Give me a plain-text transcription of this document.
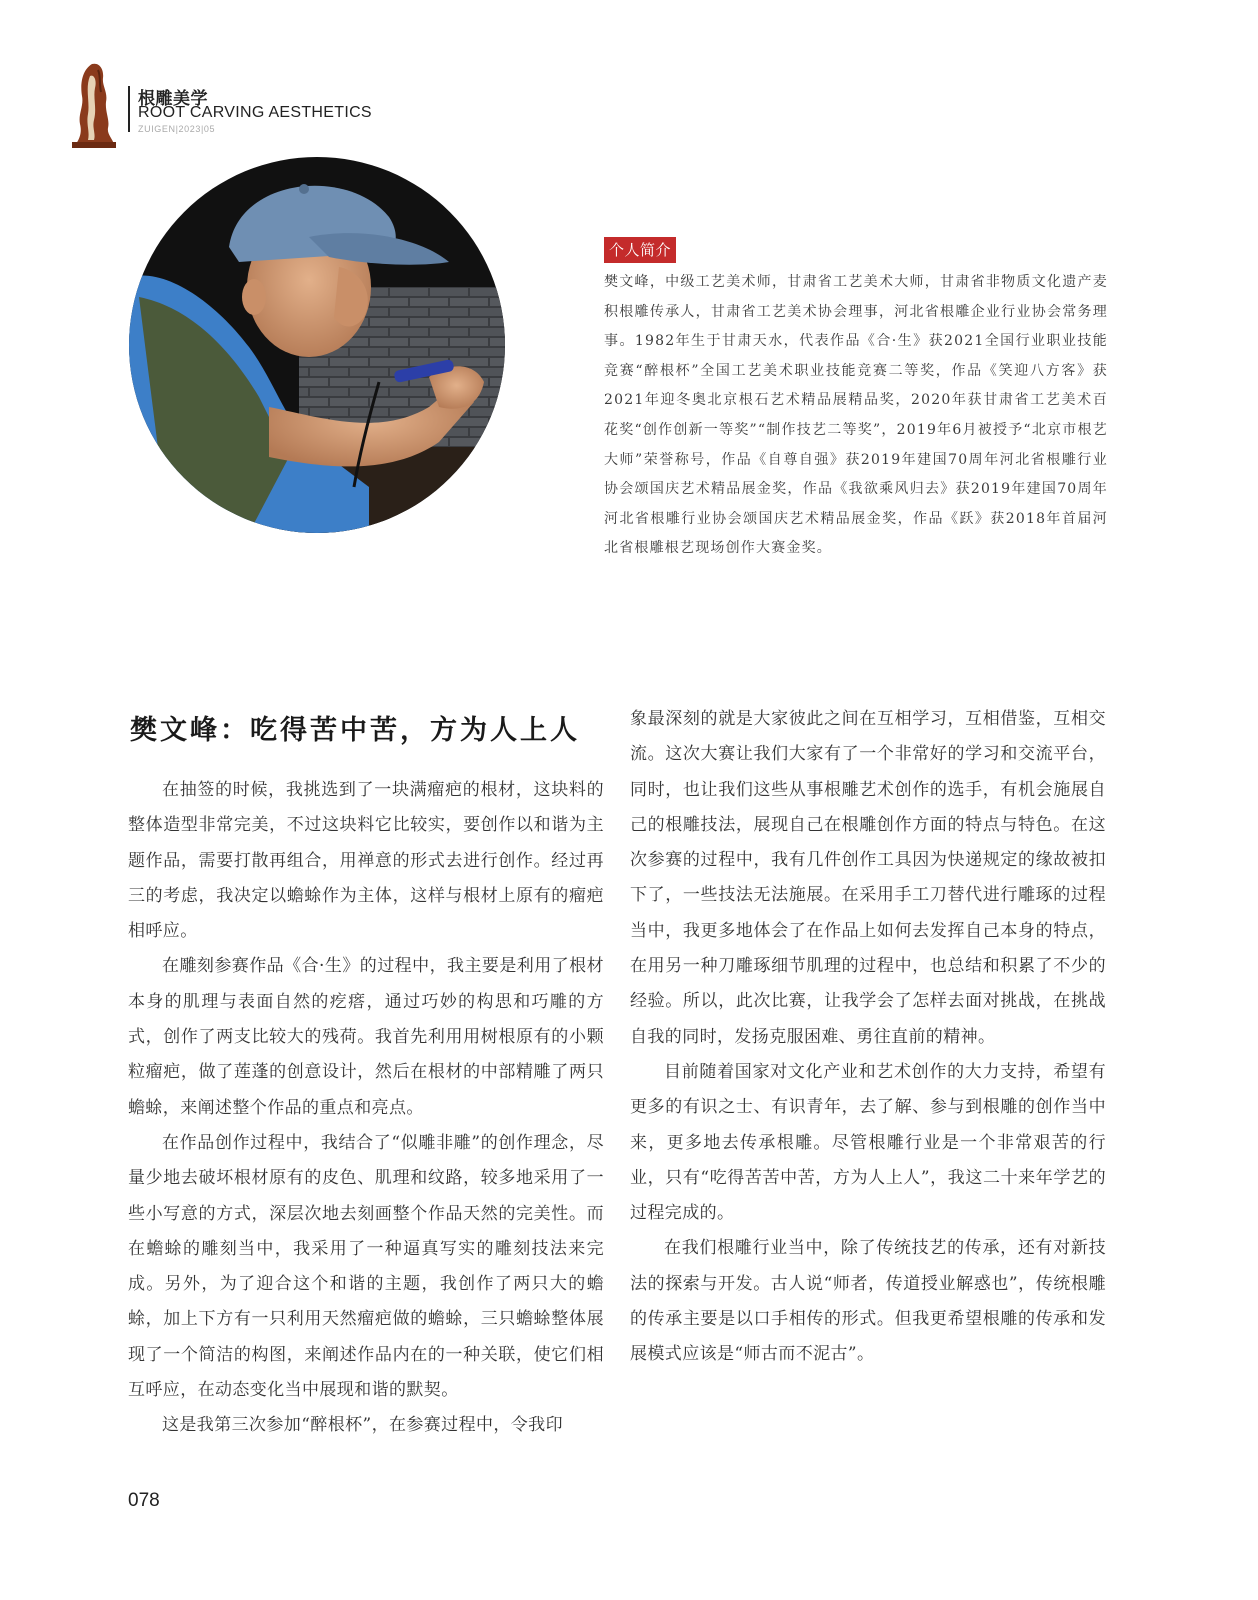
根雕美学
ROOT CARVING AESTHETICS
ZUIGEN|2023|05
个人简介

樊文峰，中级工艺美术师，甘肃省工艺美术大师，甘肃省非物质文化遗产麦积根雕传承人，甘肃省工艺美术协会理事，河北省根雕企业行业协会常务理事。1982年生于甘肃天水，代表作品《合·生》获2021全国行业职业技能竞赛“醉根杯”全国工艺美术职业技能竞赛二等奖，作品《笑迎八方客》获2021年迎冬奥北京根石艺术精品展精品奖，2020年获甘肃省工艺美术百花奖“创作创新一等奖”“制作技艺二等奖”，2019年6月被授予“北京市根艺大师”荣誉称号，作品《自尊自强》获2019年建国70周年河北省根雕行业协会颂国庆艺术精品展金奖，作品《我欲乘风归去》获2019年建国70周年河北省根雕行业协会颂国庆艺术精品展金奖，作品《跃》获2018年首届河北省根雕根艺现场创作大赛金奖。

樊文峰：吃得苦中苦，方为人上人

在抽签的时候，我挑选到了一块满瘤疤的根材，这块料的整体造型非常完美，不过这块料它比较实，要创作以和谐为主题作品，需要打散再组合，用禅意的形式去进行创作。经过再三的考虑，我决定以蟾蜍作为主体，这样与根材上原有的瘤疤相呼应。

在雕刻参赛作品《合·生》的过程中，我主要是利用了根材本身的肌理与表面自然的疙瘩，通过巧妙的构思和巧雕的方式，创作了两支比较大的残荷。我首先利用用树根原有的小颗粒瘤疤，做了莲蓬的创意设计，然后在根材的中部精雕了两只蟾蜍，来阐述整个作品的重点和亮点。

在作品创作过程中，我结合了“似雕非雕”的创作理念，尽量少地去破坏根材原有的皮色、肌理和纹路，较多地采用了一些小写意的方式，深层次地去刻画整个作品天然的完美性。而在蟾蜍的雕刻当中，我采用了一种逼真写实的雕刻技法来完成。另外，为了迎合这个和谐的主题，我创作了两只大的蟾蜍，加上下方有一只利用天然瘤疤做的蟾蜍，三只蟾蜍整体展现了一个简洁的构图，来阐述作品内在的一种关联，使它们相互呼应，在动态变化当中展现和谐的默契。

这是我第三次参加“醉根杯”，在参赛过程中，令我印

象最深刻的就是大家彼此之间在互相学习，互相借鉴，互相交流。这次大赛让我们大家有了一个非常好的学习和交流平台，同时，也让我们这些从事根雕艺术创作的选手，有机会施展自己的根雕技法，展现自己在根雕创作方面的特点与特色。在这次参赛的过程中，我有几件创作工具因为快递规定的缘故被扣下了，一些技法无法施展。在采用手工刀替代进行雕琢的过程当中，我更多地体会了在作品上如何去发挥自己本身的特点，在用另一种刀雕琢细节肌理的过程中，也总结和积累了不少的经验。所以，此次比赛，让我学会了怎样去面对挑战，在挑战自我的同时，发扬克服困难、勇往直前的精神。

目前随着国家对文化产业和艺术创作的大力支持，希望有更多的有识之士、有识青年，去了解、参与到根雕的创作当中来，更多地去传承根雕。尽管根雕行业是一个非常艰苦的行业，只有“吃得苦苦中苦，方为人上人”，我这二十来年学艺的过程完成的。

在我们根雕行业当中，除了传统技艺的传承，还有对新技法的探索与开发。古人说“师者，传道授业解惑也”，传统根雕的传承主要是以口手相传的形式。但我更希望根雕的传承和发展模式应该是“师古而不泥古”。

078
